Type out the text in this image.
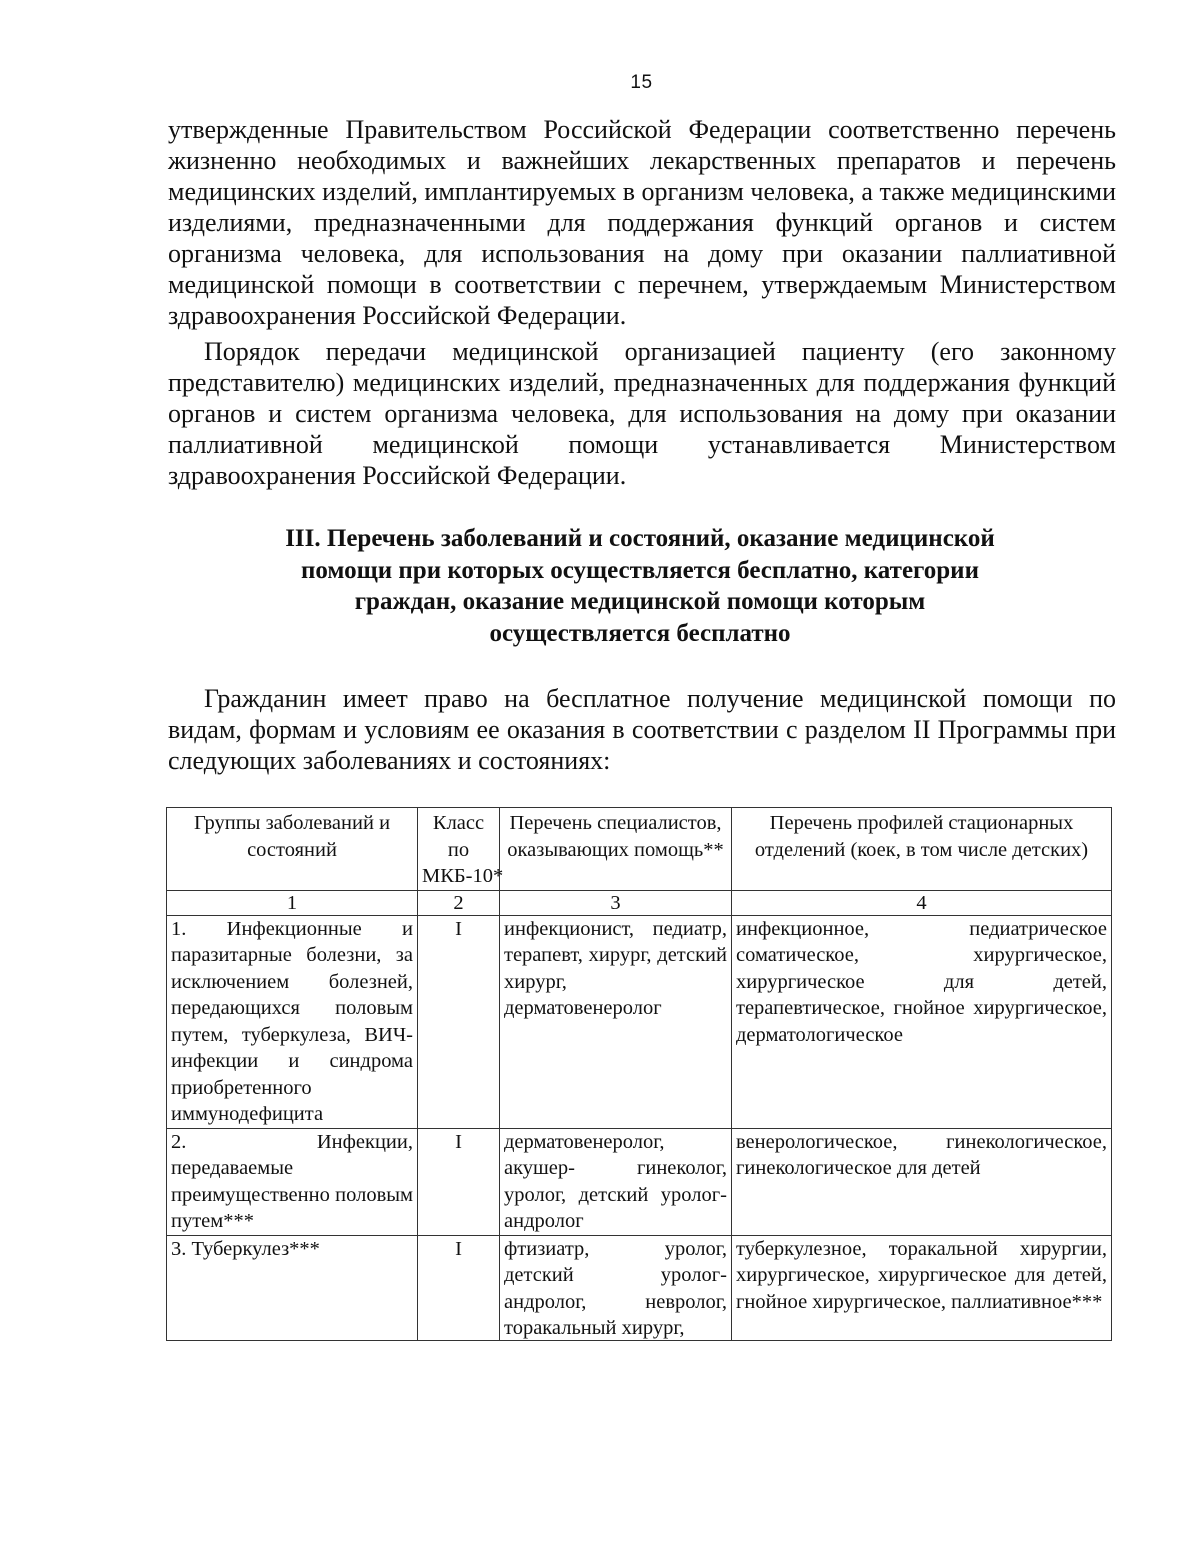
15

утвержденные Правительством Российской Федерации соответственно перечень жизненно необходимых и важнейших лекарственных препаратов и перечень медицинских изделий, имплантируемых в организм человека, а также медицинскими изделиями, предназначенными для поддержания функций органов и систем организма человека, для использования на дому при оказании паллиативной медицинской помощи в соответствии с перечнем, утверждаемым Министерством здравоохранения Российской Федерации.

Порядок передачи медицинской организацией пациенту (его законному представителю) медицинских изделий, предназначенных для поддержания функций органов и систем организма человека, для использования на дому при оказании паллиативной медицинской помощи устанавливается Министерством здравоохранения Российской Федерации.

III. Перечень заболеваний и состояний, оказание медицинской
помощи при которых осуществляется бесплатно, категории
граждан, оказание медицинской помощи которым
осуществляется бесплатно

Гражданин имеет право на бесплатное получение медицинской помощи по видам, формам и условиям ее оказания в соответствии с разделом II Программы при следующих заболеваниях и состояниях:

Группы заболеваний и состояний	Класс по МКБ-10*	Перечень специалистов, оказывающих помощь**	Перечень профилей стационарных отделений (коек, в том числе детских)
1	2	3	4
1. Инфекционные и паразитарные болезни, за исключением болезней, передающихся половым путем, туберкулеза, ВИЧ-инфекции и синдрома приобретенного иммунодефицита	I	инфекционист, педиатр, терапевт, хирург, детский хирург, дерматовенеролог	инфекционное, педиатрическое соматическое, хирургическое, хирургическое для детей, терапевтическое, гнойное хирургическое, дерматологическое
2. Инфекции, передаваемые преимущественно половым путем***	I	дерматовенеролог, акушер- гинеколог, уролог, детский уролог- андролог	венерологическое, гинекологическое, гинекологическое для детей

3. Туберкулез***	I	фтизиатр, уролог, детский уролог-андролог, невролог, торакальный хирург,	туберкулезное, торакальной хирургии, хирургическое, хирургическое для детей, гнойное хирургическое, паллиативное***
